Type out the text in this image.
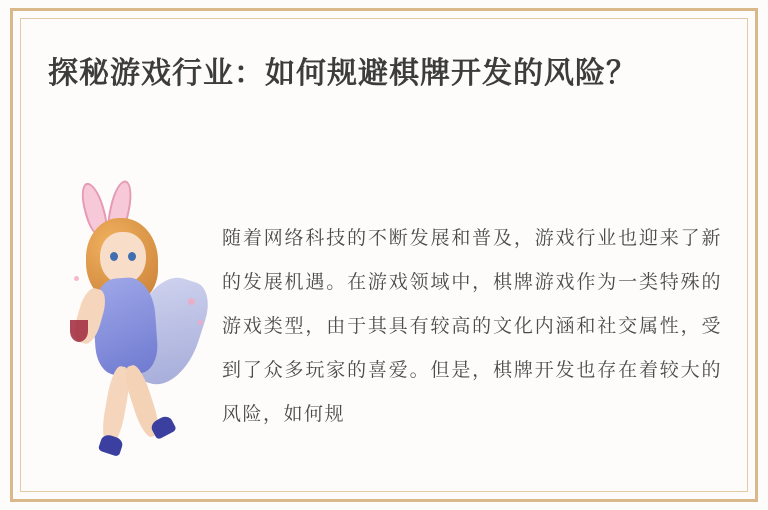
探秘游戏行业：如何规避棋牌开发的风险？
随着网络科技的不断发展和普及，游戏行业也迎来了新的发展机遇。在游戏领域中，棋牌游戏作为一类特殊的游戏类型，由于其具有较高的文化内涵和社交属性，受到了众多玩家的喜爱。但是，棋牌开发也存在着较大的风险，如何规
